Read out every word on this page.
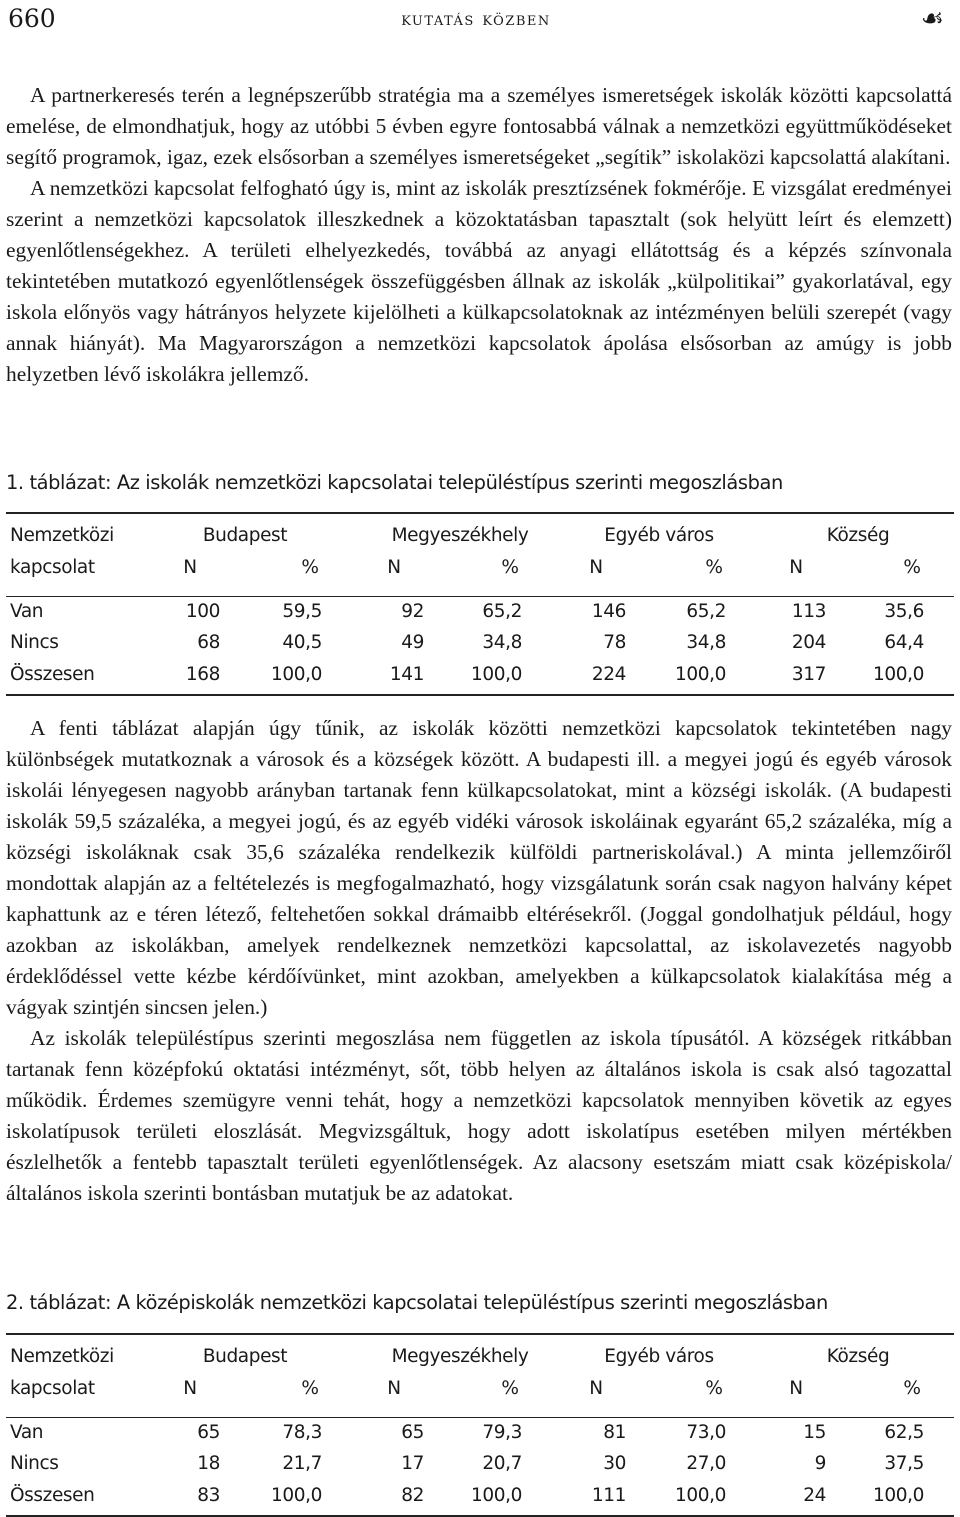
660	kutatás közben	☙

A partnerkeresés terén a legnépszerűbb stratégia ma a személyes ismeretségek iskolák közötti kapcsolattá emelése, de elmondhatjuk, hogy az utóbbi 5 évben egyre fontosabbá válnak a nemzetközi együttműködéseket segítő programok, igaz, ezek elsősorban a személyes ismeretségeket „segítik” iskolaközi kapcsolattá alakítani.

A nemzetközi kapcsolat felfogható úgy is, mint az iskolák presztízsének fokmérője. E vizsgálat eredményei szerint a nemzetközi kapcsolatok illeszkednek a közoktatásban tapasztalt (sok helyütt leírt és elemzett) egyenlőtlenségekhez. A területi elhelyezkedés, továbbá az anyagi ellátottság és a képzés színvonala tekintetében mutatkozó egyenlőtlenségek összefüggésben állnak az iskolák „külpolitikai” gyakorlatával, egy iskola előnyös vagy hátrányos helyzete kijelölheti a külkapcsolatoknak az intézményen belüli szerepét (vagy annak hiányát). Ma Magyarországon a nemzetközi kapcsolatok ápolása elsősorban az amúgy is jobb helyzetben lévő iskolákra jellemző.

1. táblázat: Az iskolák nemzetközi kapcsolatai településtípus szerinti megoszlásban
Nemzetközi
kapcsolat
Budapest	Megyeszékhely	Egyéb város	Község
N	%	N	%	N	%	N	%
Van	100	59,5	92	65,2	146	65,2	113	35,6
Nincs	68	40,5	49	34,8	78	34,8	204	64,4
Összesen	168	100,0	141	100,0	224	100,0	317	100,0

A fenti táblázat alapján úgy tűnik, az iskolák közötti nemzetközi kapcsolatok tekintetében nagy különbségek mutatkoznak a városok és a községek között. A budapesti ill. a megyei jogú és egyéb városok iskolái lényegesen nagyobb arányban tartanak fenn külkapcsolatokat, mint a községi iskolák. (A budapesti iskolák 59,5 százaléka, a megyei jogú, és az egyéb vidéki városok iskoláinak egyaránt 65,2 százaléka, míg a községi iskoláknak csak 35,6 százaléka rendelkezik külföldi partneriskolával.) A minta jellemzőiről mondottak alapján az a feltételezés is megfogalmazható, hogy vizsgálatunk során csak nagyon halvány képet kaphattunk az e téren létező, feltehetően sokkal drámaibb eltérésekről. (Joggal gondolhatjuk például, hogy azokban az iskolákban, amelyek rendelkeznek nemzetközi kapcsolattal, az iskolavezetés nagyobb érdeklődéssel vette kézbe kérdőívünket, mint azokban, amelyekben a külkapcsolatok kialakítása még a vágyak szintjén sincsen jelen.)

Az iskolák településtípus szerinti megoszlása nem független az iskola típusától. A községek ritkábban tartanak fenn középfokú oktatási intézményt, sőt, több helyen az általános iskola is csak alsó tagozattal működik. Érdemes szemügyre venni tehát, hogy a nemzetközi kapcsolatok mennyiben követik az egyes iskolatípusok területi eloszlását. Megvizsgáltuk, hogy adott iskolatípus esetében milyen mértékben észlelhetők a fentebb tapasztalt területi egyenlőtlenségek. Az alacsony esetszám miatt csak középiskola/általános iskola szerinti bontásban mutatjuk be az adatokat.

2. táblázat: A középiskolák nemzetközi kapcsolatai településtípus szerinti megoszlásban
Nemzetközi
kapcsolat
Budapest	Megyeszékhely	Egyéb város	Község
N	%	N	%	N	%	N	%
Van	65	78,3	65	79,3	81	73,0	15	62,5
Nincs	18	21,7	17	20,7	30	27,0	9	37,5
Összesen	83	100,0	82	100,0	111	100,0	24	100,0
